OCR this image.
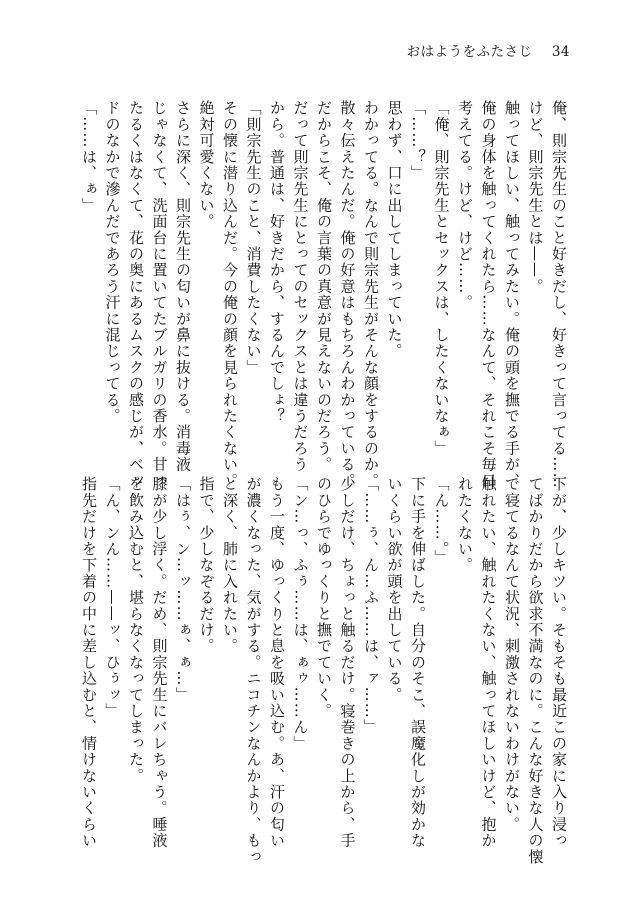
おはようをふたさじ 34
俺、則宗先生のこと好きだし、好きって言ってる……
けど、則宗先生とは——。
触ってほしい、触ってみたい。俺の頭を撫でる手が、
俺の身体を触ってくれたら……なんて、それこそ毎日
考えてる。けど、けど……。
「俺、則宗先生とセックスは、したくないなぁ」
「……？」
思わず、口に出してしまっていた。
わかってる。なんで則宗先生がそんな顔をするのか。
散々伝えたんだ。俺の好意はもちろんわかっている。
だからこそ、俺の言葉の真意が見えないのだろう。
だって則宗先生にとってのセックスとは違うだろう
から。普通は、好きだから、するんでしょ？
「則宗先生のこと、消費したくない」
その懐に潜り込んだ。今の俺の顔を見られたくない。
絶対可愛くない。
さらに深く、則宗先生の匂いが鼻に抜ける。消毒液
じゃなくて、洗面台に置いてたブルガリの香水。甘っ
たるくはなくて、花の奥にあるムスクの感じが、ベッ
ドのなかで滲んだであろう汗に混じってる。
「……は、ぁ」
下が、少しキツい。そもそも最近この家に入り浸っ
てばかりだから欲求不満なのに。こんな好きな人の懐
で寝てるなんて状況、刺激されないわけがない。
触れたい、触れたくない、触ってほしいけど、抱か
れたくない。
「ん……。」
下に手を伸ばした。自分のそこ、誤魔化しが効かな
いくらい欲が頭を出している。
「……ぅ、ん…ふ……は、ァ……」
少しだけ、ちょっと触るだけ。寝巻きの上から、手
のひらでゆっくりと撫でていく。
「ン…っ、ふぅ……は、ぁゥ……ん」
もう一度、ゆっくりと息を吸い込む。あ、汗の匂い
が濃くなった、気がする。ニコチンなんかより、もっ
と深く、肺に入れたい。
指で、少しなぞるだけ。
「はぅ、ン…ッ……ぁ、ぁ…」
膝が少し浮く。だめ、則宗先生にバレちゃう。唾液
を飲み込むと、堪らなくなってしまった。
「ん、ンん……——ッ、ひぅッ」
指先だけを下着の中に差し込むと、情けないくらい
